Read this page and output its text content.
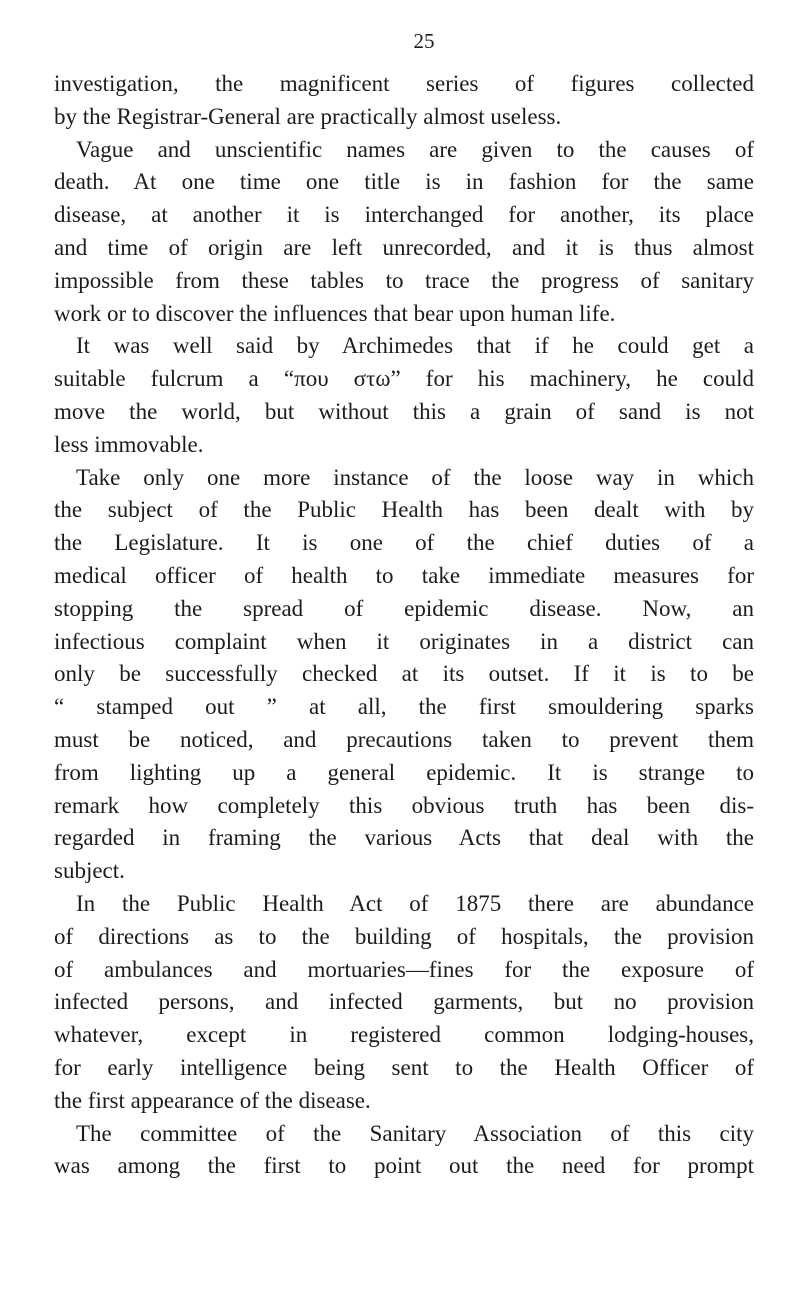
25

investigation, the magnificent series of figures collected
by the Registrar-General are practically almost useless.

Vague and unscientific names are given to the causes of
death. At one time one title is in fashion for the same
disease, at another it is interchanged for another, its place
and time of origin are left unrecorded, and it is thus almost
impossible from these tables to trace the progress of sanitary
work or to discover the influences that bear upon human life.

It was well said by Archimedes that if he could get a
suitable fulcrum a “που στω” for his machinery, he could
move the world, but without this a grain of sand is not
less immovable.

Take only one more instance of the loose way in which
the subject of the Public Health has been dealt with by
the Legislature. It is one of the chief duties of a
medical officer of health to take immediate measures for
stopping the spread of epidemic disease. Now, an
infectious complaint when it originates in a district can
only be successfully checked at its outset. If it is to be
“ stamped out ” at all, the first smouldering sparks
must be noticed, and precautions taken to prevent them
from lighting up a general epidemic. It is strange to
remark how completely this obvious truth has been dis-
regarded in framing the various Acts that deal with the
subject.

In the Public Health Act of 1875 there are abundance
of directions as to the building of hospitals, the provision
of ambulances and mortuaries—fines for the exposure of
infected persons, and infected garments, but no provision
whatever, except in registered common lodging-houses,
for early intelligence being sent to the Health Officer of
the first appearance of the disease.

The committee of the Sanitary Association of this city
was among the first to point out the need for prompt
